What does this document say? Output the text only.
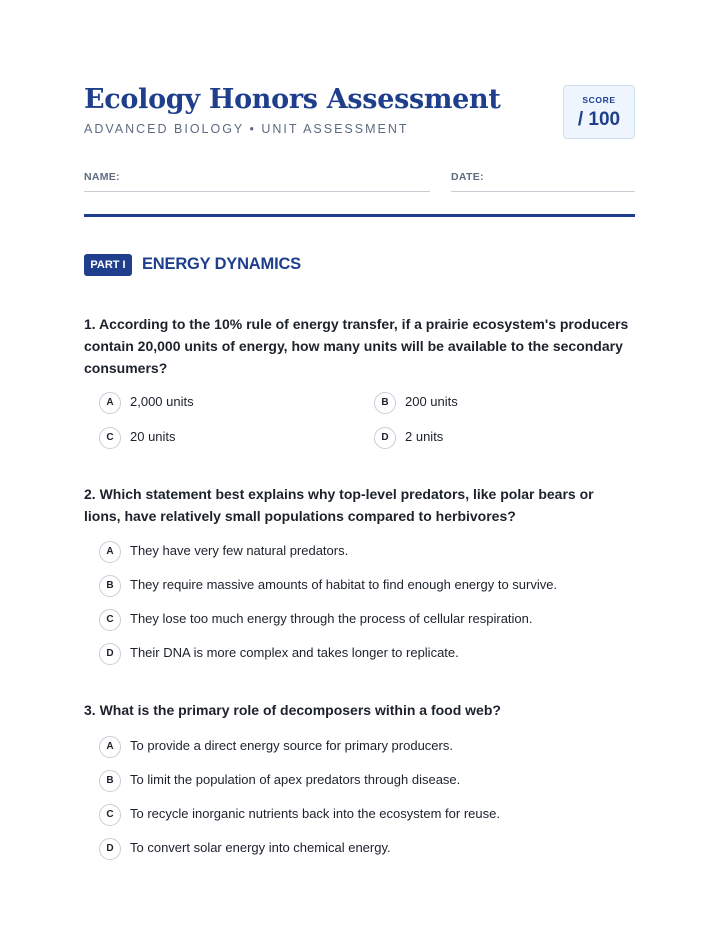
Ecology Honors Assessment
ADVANCED BIOLOGY • UNIT ASSESSMENT
SCORE
/ 100
NAME:	DATE:
PART I ENERGY DYNAMICS
1. According to the 10% rule of energy transfer, if a prairie ecosystem's producers contain 20,000 units of energy, how many units will be available to the secondary consumers?
A	2,000 units	B	200 units
C	20 units	D	2 units
2. Which statement best explains why top-level predators, like polar bears or lions, have relatively small populations compared to herbivores?
A	They have very few natural predators.
B	They require massive amounts of habitat to find enough energy to survive.
C	They lose too much energy through the process of cellular respiration.
D	Their DNA is more complex and takes longer to replicate.
3. What is the primary role of decomposers within a food web?
A	To provide a direct energy source for primary producers.
B	To limit the population of apex predators through disease.
C	To recycle inorganic nutrients back into the ecosystem for reuse.
D	To convert solar energy into chemical energy.
